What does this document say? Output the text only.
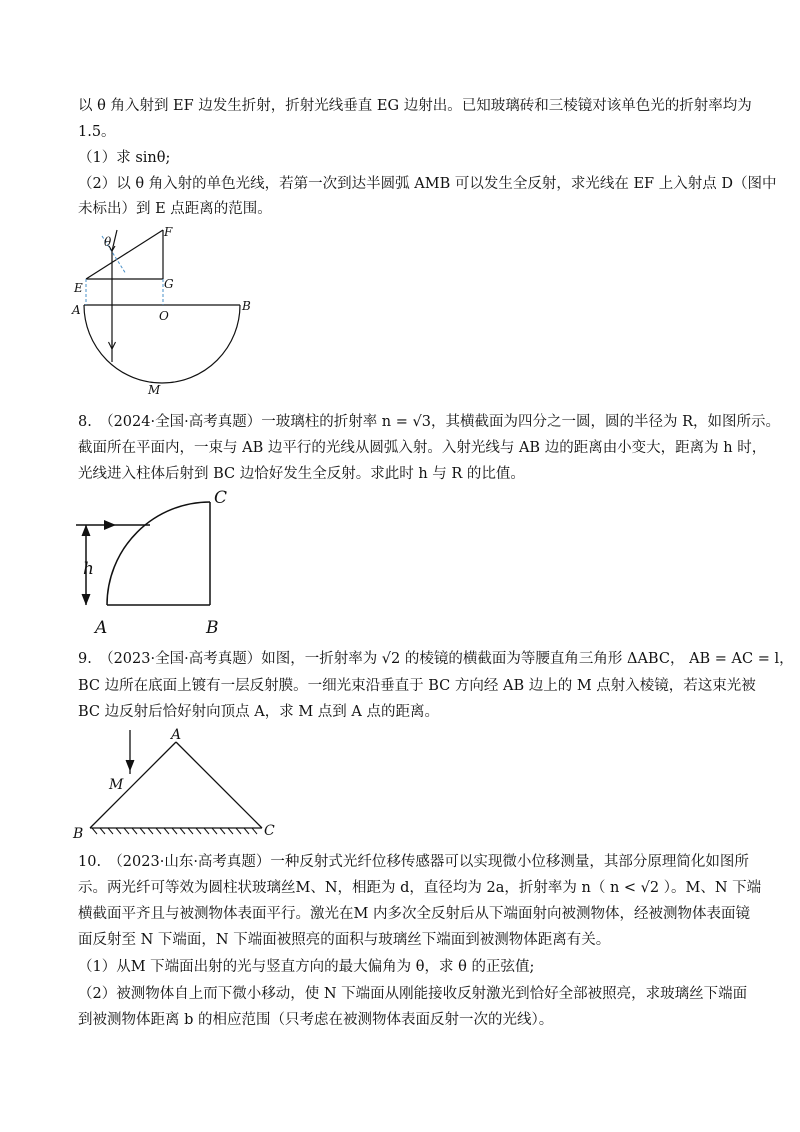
以 θ 角入射到 EF 边发生折射，折射光线垂直 EG 边射出。已知玻璃砖和三棱镜对该单色光的折射率均为
1.5。
（1）求 sinθ;
（2）以 θ 角入射的单色光线，若第一次到达半圆弧 AMB 可以发生全反射，求光线在 EF 上入射点 D（图中
未标出）到 E 点距离的范围。
θ
F
G
E
A	O
B
M
8.　（2024·全国·高考真题）一玻璃柱的折射率 n = √3，其横截面为四分之一圆，圆的半径为 R，如图所示。
截面所在平面内，一束与 AB 边平行的光线从圆弧入射。入射光线与 AB 边的距离由小变大，距离为 h 时，
光线进入柱体后射到 BC 边恰好发生全反射。求此时 h 与 R 的比值。
C
h
A	B
9.　（2023·全国·高考真题）如图，一折射率为 √2 的棱镜的横截面为等腰直角三角形 ΔABC， AB = AC = l，
BC 边所在底面上镀有一层反射膜。一细光束沿垂直于 BC 方向经 AB 边上的 M 点射入棱镜，若这束光被
BC 边反射后恰好射向顶点 A，求 M 点到 A 点的距离。
A
M
B	C
10.　（2023·山东·高考真题）一种反射式光纤位移传感器可以实现微小位移测量，其部分原理简化如图所
示。两光纤可等效为圆柱状玻璃丝M、N，相距为 d，直径均为 2a，折射率为 n（ n < √2 ）。M、N 下端
横截面平齐且与被测物体表面平行。激光在M 内多次全反射后从下端面射向被测物体，经被测物体表面镜
面反射至 N 下端面，N 下端面被照亮的面积与玻璃丝下端面到被测物体距离有关。
（1）从M 下端面出射的光与竖直方向的最大偏角为 θ，求 θ 的正弦值;
（2）被测物体自上而下微小移动，使 N 下端面从刚能接收反射激光到恰好全部被照亮，求玻璃丝下端面
到被测物体距离 b 的相应范围（只考虑在被测物体表面反射一次的光线）。
